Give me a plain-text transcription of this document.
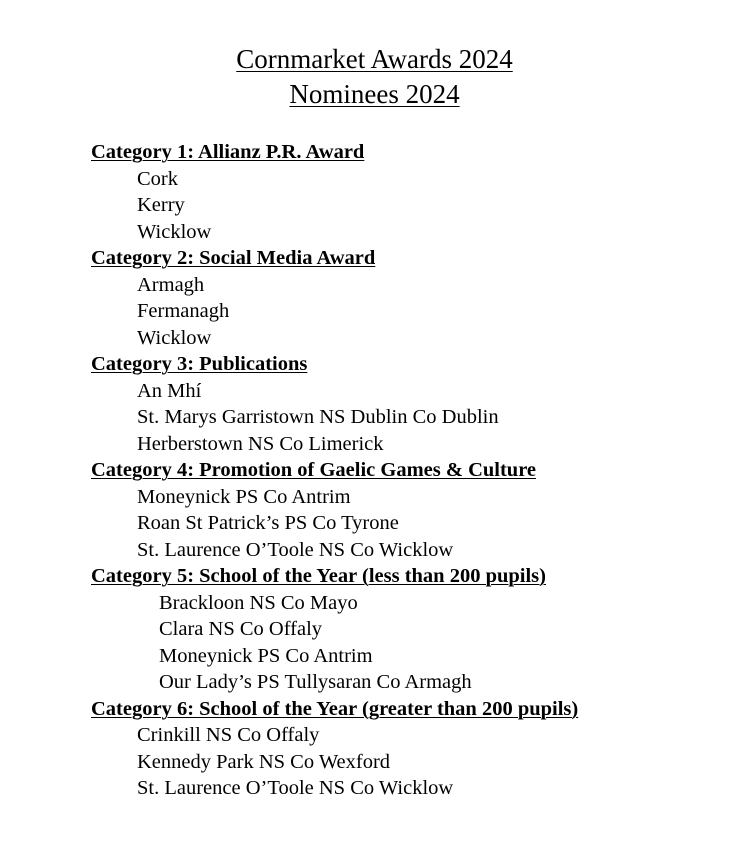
Cornmarket Awards 2024
Nominees 2024
Category 1: Allianz P.R. Award
Cork
Kerry
Wicklow
Category 2: Social Media Award
Armagh
Fermanagh
Wicklow
Category 3: Publications
An Mhí
St. Marys Garristown NS Dublin Co Dublin
Herberstown NS Co Limerick
Category 4: Promotion of Gaelic Games & Culture
Moneynick PS Co Antrim
Roan St Patrick’s PS Co Tyrone
St. Laurence O’Toole NS Co Wicklow
Category 5: School of the Year (less than 200 pupils)
Brackloon NS Co Mayo
Clara NS Co Offaly
Moneynick PS Co Antrim
Our Lady’s PS Tullysaran Co Armagh
Category 6: School of the Year (greater than 200 pupils)
Crinkill NS Co Offaly
Kennedy Park NS Co Wexford
St. Laurence O’Toole NS Co Wicklow
